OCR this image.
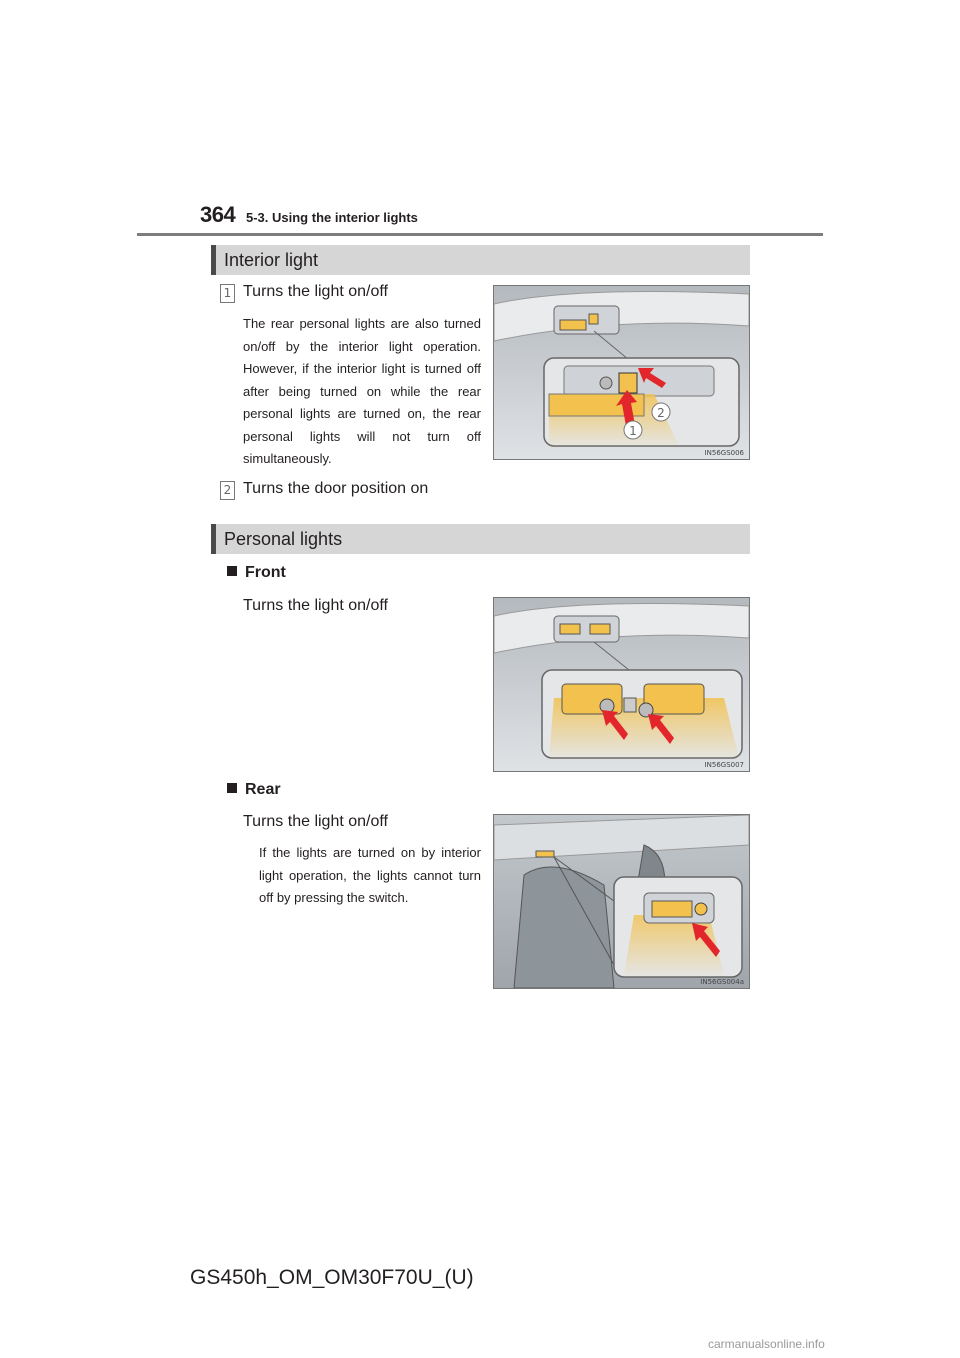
364 5-3. Using the interior lights
Interior light
1 Turns the light on/off
The rear personal lights are also turned on/off by the interior light operation. However, if the interior light is turned off after being turned on while the rear personal lights are turned on, the rear personal lights will not turn off simultaneously.
2 Turns the door position on
2
1
IN56GS006
Personal lights
Front
Turns the light on/off
IN56GS007
Rear
Turns the light on/off
If the lights are turned on by interior light operation, the lights cannot turn off by pressing the switch.
IN56GS004a
GS450h_OM_OM30F70U_(U)
carmanualsonline.info
